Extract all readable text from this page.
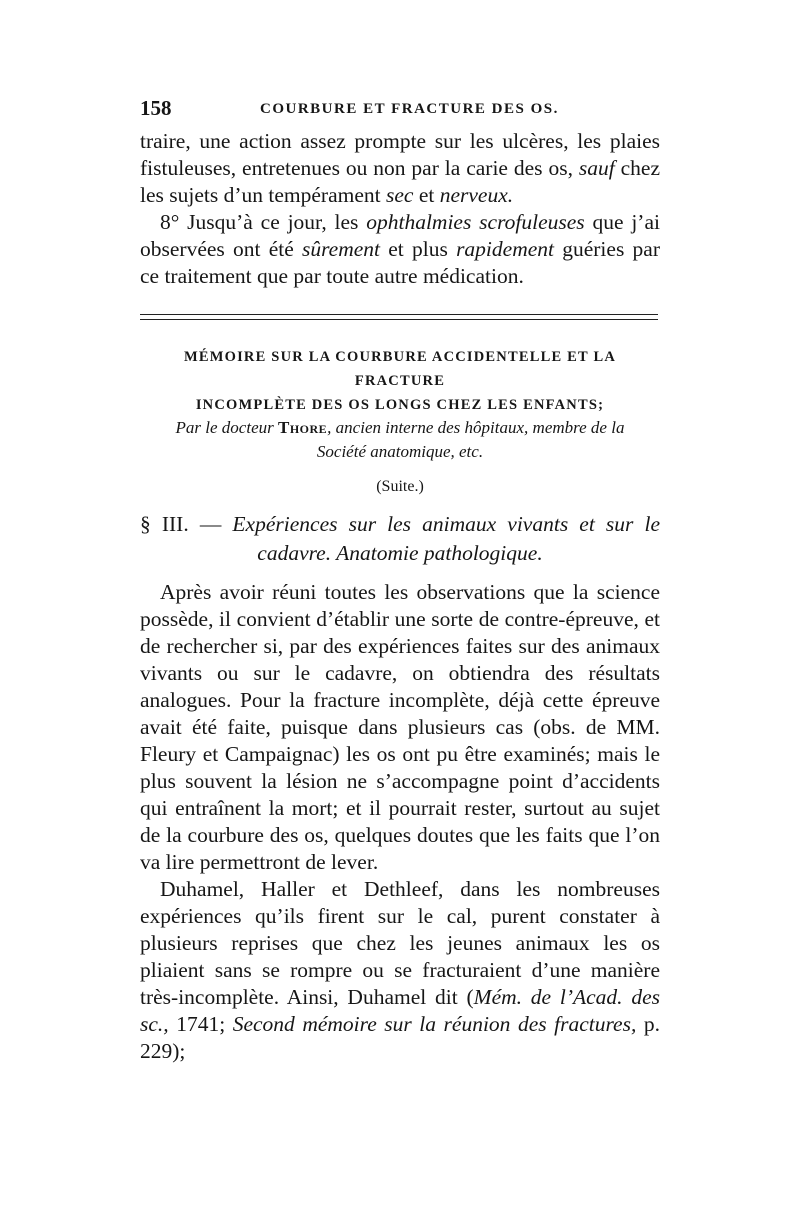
158	COURBURE ET FRACTURE DES OS.

traire, une action assez prompte sur les ulcères, les plaies fistuleuses, entretenues ou non par la carie des os, sauf chez les sujets d’un tempérament sec et nerveux.

8° Jusqu’à ce jour, les ophthalmies scrofuleuses que j’ai observées ont été sûrement et plus rapidement guéries par ce traitement que par toute autre médication.

MÉMOIRE SUR LA COURBURE ACCIDENTELLE ET LA FRACTURE
INCOMPLÈTE DES OS LONGS CHEZ LES ENFANTS;
Par le docteur Thore, ancien interne des hôpitaux, membre de la
Société anatomique, etc.
(Suite.)
§ III. — Expériences sur les animaux vivants et sur le
cadavre. Anatomie pathologique.

Après avoir réuni toutes les observations que la science possède, il convient d’établir une sorte de contre-épreuve, et de rechercher si, par des expériences faites sur des animaux vivants ou sur le cadavre, on obtiendra des résultats analogues. Pour la fracture incomplète, déjà cette épreuve avait été faite, puisque dans plusieurs cas (obs. de MM. Fleury et Campaignac) les os ont pu être examinés; mais le plus souvent la lésion ne s’accompagne point d’accidents qui entraînent la mort; et il pourrait rester, surtout au sujet de la courbure des os, quelques doutes que les faits que l’on va lire permettront de lever.

Duhamel, Haller et Dethleef, dans les nombreuses expériences qu’ils firent sur le cal, purent constater à plusieurs reprises que chez les jeunes animaux les os pliaient sans se rompre ou se fracturaient d’une manière très-incomplète. Ainsi, Duhamel dit (Mém. de l’Acad. des sc., 1741; Second mémoire sur la réunion des fractures, p. 229);
